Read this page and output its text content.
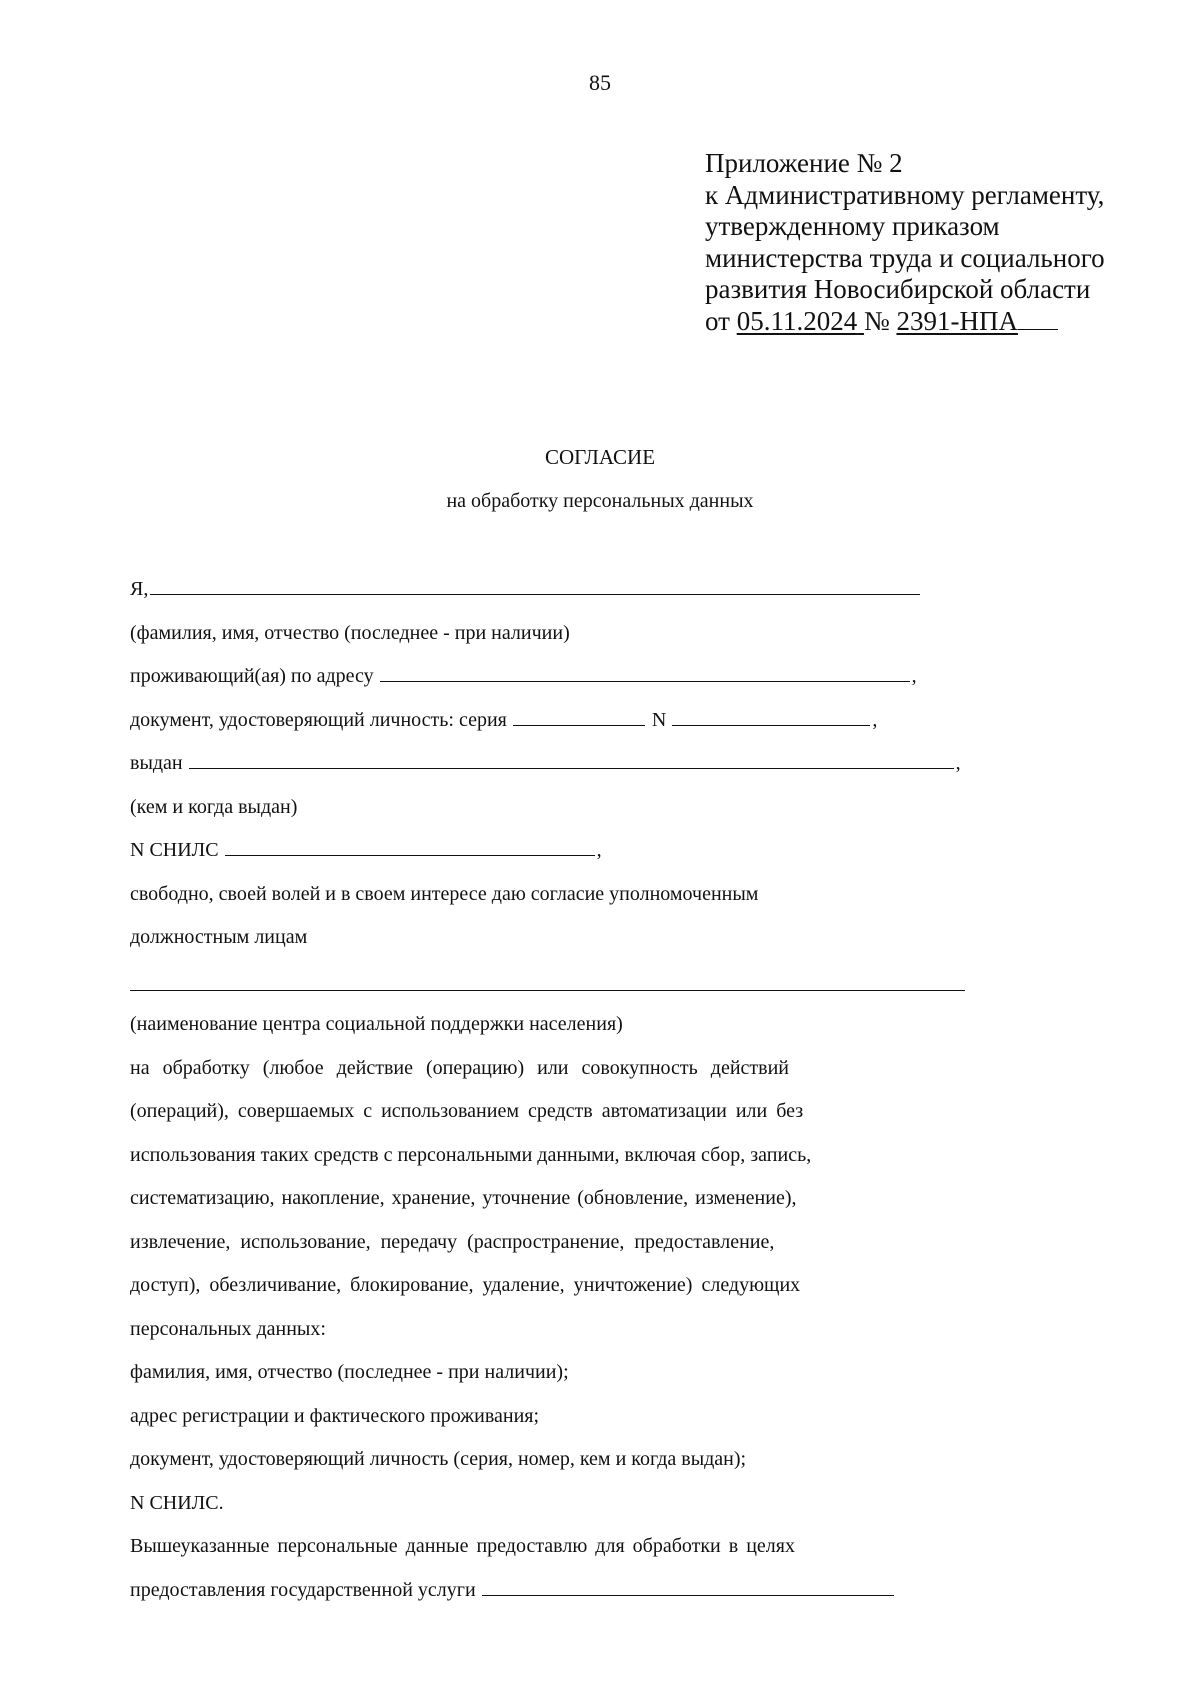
85
Приложение № 2
к Административному регламенту,
утвержденному приказом
министерства труда и социального
развития Новосибирской области
от 05.11.2024 № 2391-НПА
СОГЛАСИЕ
на обработку персональных данных
Я,
(фамилия, имя, отчество (последнее - при наличии)
проживающий(ая) по адресу	,
документ, удостоверяющий личность: серия	N	,
выдан	,
(кем и когда выдан)
N СНИЛС	,
свободно, своей волей и в своем интересе даю согласие уполномоченным
должностным лицам
(наименование центра социальной поддержки населения)
на обработку (любое действие (операцию) или совокупность действий
(операций), совершаемых с использованием средств автоматизации или без
использования таких средств с персональными данными, включая сбор, запись,
систематизацию, накопление, хранение, уточнение (обновление, изменение),
извлечение, использование, передачу (распространение, предоставление,
доступ), обезличивание, блокирование, удаление, уничтожение) следующих
персональных данных:
фамилия, имя, отчество (последнее - при наличии);
адрес регистрации и фактического проживания;
документ, удостоверяющий личность (серия, номер, кем и когда выдан);
N СНИЛС.
Вышеуказанные персональные данные предоставлю для обработки в целях
предоставления государственной услуги
